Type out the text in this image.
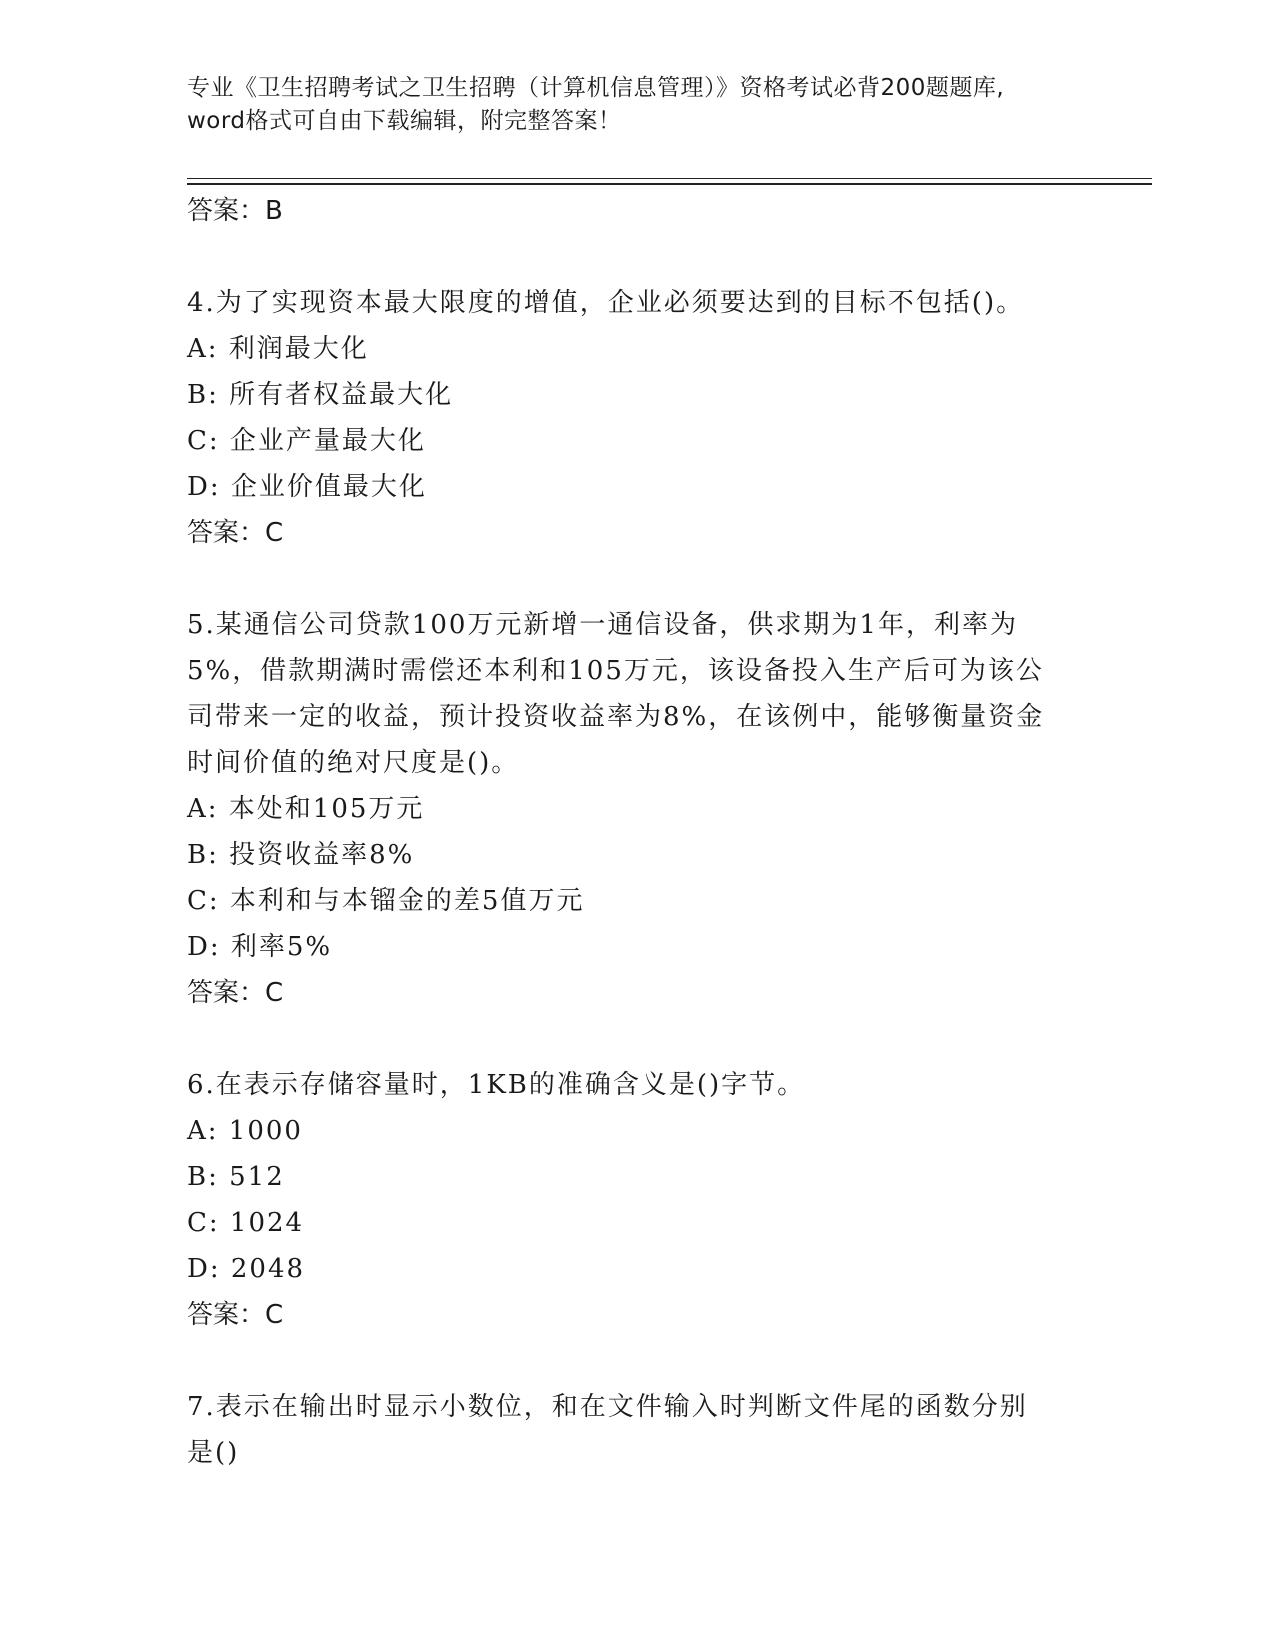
专业《卫生招聘考试之卫生招聘（计算机信息管理）》资格考试必背200题题库,
word格式可自由下载编辑，附完整答案！
答案：B
4.为了实现资本最大限度的增值，企业必须要达到的目标不包括()。
A: 利润最大化
B: 所有者权益最大化
C: 企业产量最大化
D: 企业价值最大化
答案：C
5.某通信公司贷款100万元新增一通信设备，供求期为1年，利率为
5%，借款期满时需偿还本利和105万元，该设备投入生产后可为该公
司带来一定的收益，预计投资收益率为8%，在该例中，能够衡量资金
时间价值的绝对尺度是()。
A: 本处和105万元
B: 投资收益率8%
C: 本利和与本镏金的差5值万元
D: 利率5%
答案：C
6.在表示存储容量时，1KB的准确含义是()字节。
A: 1000
B: 512
C: 1024
D: 2048
答案：C
7.表示在输出时显示小数位，和在文件输入时判断文件尾的函数分别
是()
